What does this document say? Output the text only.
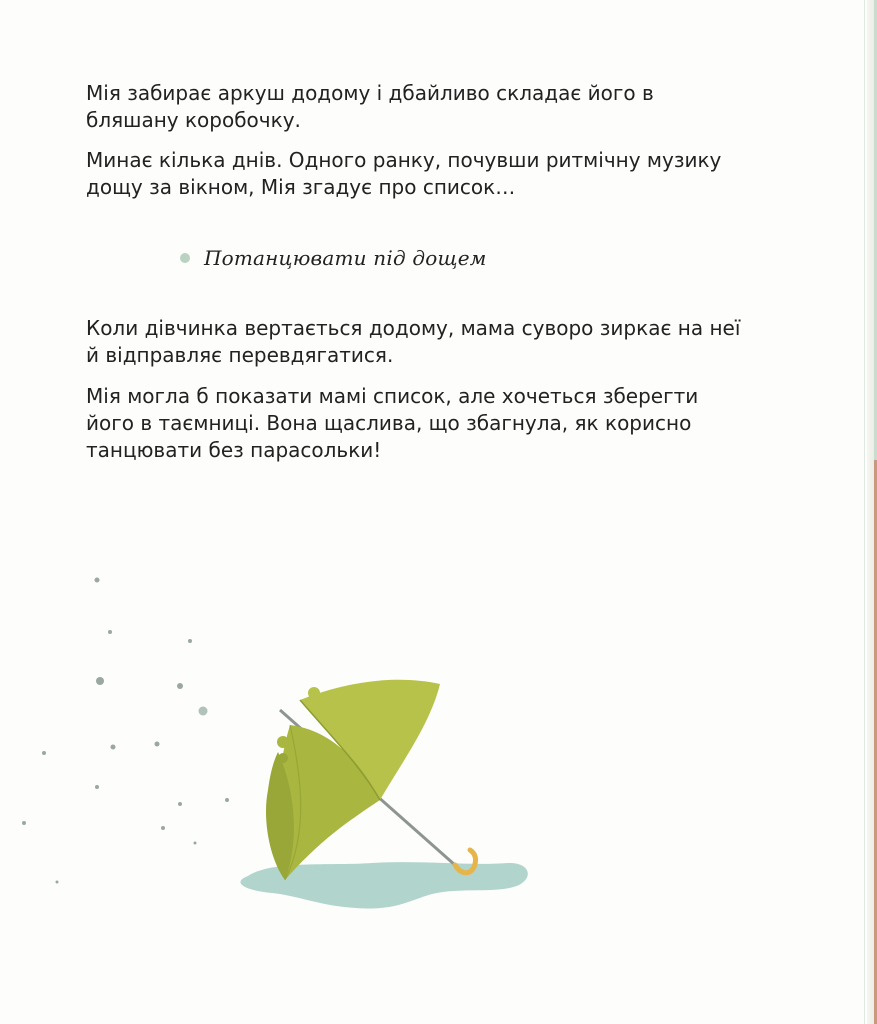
Мія забирає аркуш додому і дбайливо складає його в бляшану коробочку.

Минає кілька днів. Одного ранку, почувши ритмічну музику дощу за вікном, Мія згадує про список…

Потанцювати під дощем

Коли дівчинка вертається додому, мама суворо зиркає на неї й відправляє перевдягатися.

Мія могла б показати мамі список, але хочеться зберегти його в таємниці. Вона щаслива, що збагнула, як корисно танцювати без парасольки!
